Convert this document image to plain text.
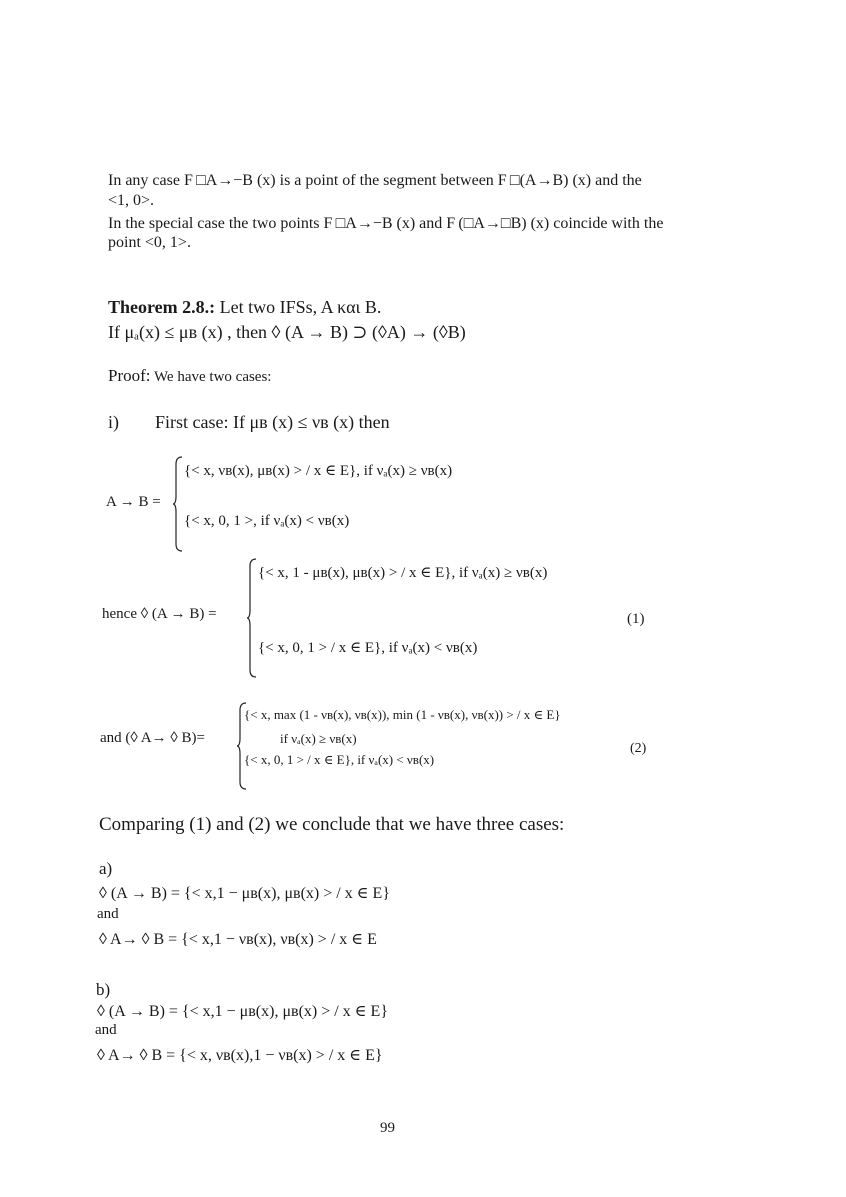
In any case F □A→−B (x) is a point of the segment between F □(A→B) (x) and the
<1, 0>.
In the special case the two points F □A→−B (x) and F (□A→□B) (x) coincide with the
point <0, 1>.
Theorem 2.8.: Let two IFSs, A και B.
If μₐ(x) ≤ μʙ (x) , then ◊ (A → B) ⊃ (◊A) → (◊B)
Proof: We have two cases:
i) First case: If μʙ (x) ≤ νʙ (x) then
A → B =
{< x, νʙ(x), μʙ(x) > / x ∈ E}, if νₐ(x) ≥ νʙ(x)
{< x, 0, 1 >, if νₐ(x) < νʙ(x)
hence ◊ (A → B) =
{< x, 1 - μʙ(x), μʙ(x) > / x ∈ E}, if νₐ(x) ≥ νʙ(x)
{< x, 0, 1 > / x ∈ E}, if νₐ(x) < νʙ(x)
(1)
and (◊ A→ ◊ B)=
{< x, max (1 - νʙ(x), νʙ(x)), min (1 - νʙ(x), νʙ(x)) > / x ∈ E}
if νₐ(x) ≥ νʙ(x)
{< x, 0, 1 > / x ∈ E}, if νₐ(x) < νʙ(x)
(2)
Comparing (1) and (2) we conclude that we have three cases:
a)
◊ (A → B) = {< x,1 − μʙ(x), μʙ(x) > / x ∈ E}
and
◊ A→ ◊ B = {< x,1 − νʙ(x), νʙ(x) > / x ∈ E
b)
◊ (A → B) = {< x,1 − μʙ(x), μʙ(x) > / x ∈ E}
and
◊ A→ ◊ B = {< x, νʙ(x),1 − νʙ(x) > / x ∈ E}
99
